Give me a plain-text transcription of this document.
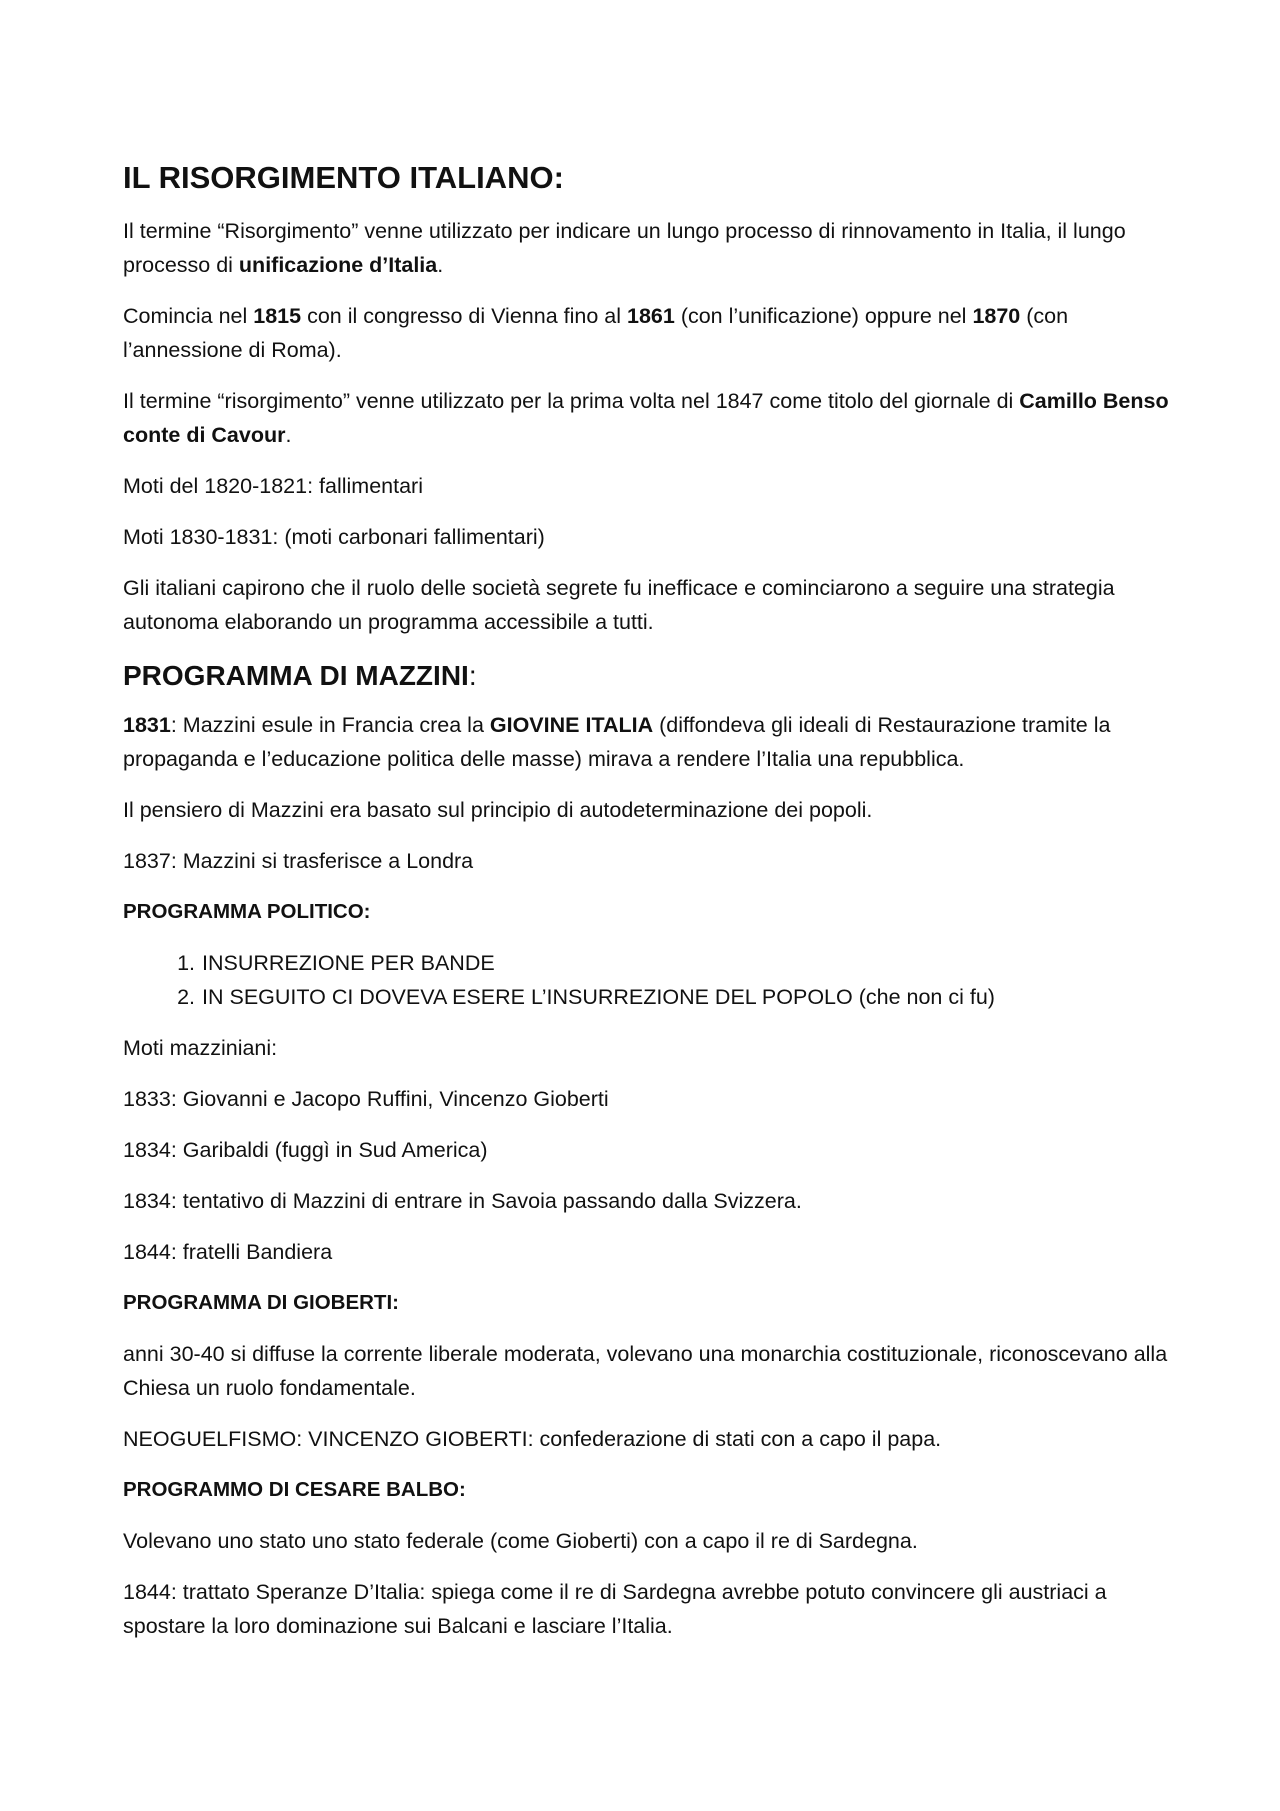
IL RISORGIMENTO ITALIANO:

Il termine “Risorgimento” venne utilizzato per indicare un lungo processo di rinnovamento in Italia, il lungo processo di unificazione d’Italia.

Comincia nel 1815 con il congresso di Vienna fino al 1861 (con l’unificazione) oppure nel 1870 (con l’annessione di Roma).

Il termine “risorgimento” venne utilizzato per la prima volta nel 1847 come titolo del giornale di Camillo Benso conte di Cavour.

Moti del 1820-1821: fallimentari

Moti 1830-1831: (moti carbonari fallimentari)

Gli italiani capirono che il ruolo delle società segrete fu inefficace e cominciarono a seguire una strategia autonoma elaborando un programma accessibile a tutti.

PROGRAMMA DI MAZZINI:

1831: Mazzini esule in Francia crea la GIOVINE ITALIA (diffondeva gli ideali di Restaurazione tramite la propaganda e l’educazione politica delle masse) mirava a rendere l’Italia una repubblica.

Il pensiero di Mazzini era basato sul principio di autodeterminazione dei popoli.

1837: Mazzini si trasferisce a Londra

PROGRAMMA POLITICO:

1. INSURREZIONE PER BANDE
2. IN SEGUITO CI DOVEVA ESERE L’INSURREZIONE DEL POPOLO (che non ci fu)

Moti mazziniani:

1833: Giovanni e Jacopo Ruffini, Vincenzo Gioberti

1834: Garibaldi (fuggì in Sud America)

1834: tentativo di Mazzini di entrare in Savoia passando dalla Svizzera.

1844: fratelli Bandiera

PROGRAMMA DI GIOBERTI:

anni 30-40 si diffuse la corrente liberale moderata, volevano una monarchia costituzionale, riconoscevano alla Chiesa un ruolo fondamentale.

NEOGUELFISMO: VINCENZO GIOBERTI: confederazione di stati con a capo il papa.

PROGRAMMO DI CESARE BALBO:

Volevano uno stato uno stato federale (come Gioberti) con a capo il re di Sardegna.

1844: trattato Speranze D’Italia: spiega come il re di Sardegna avrebbe potuto convincere gli austriaci a spostare la loro dominazione sui Balcani e lasciare l’Italia.
